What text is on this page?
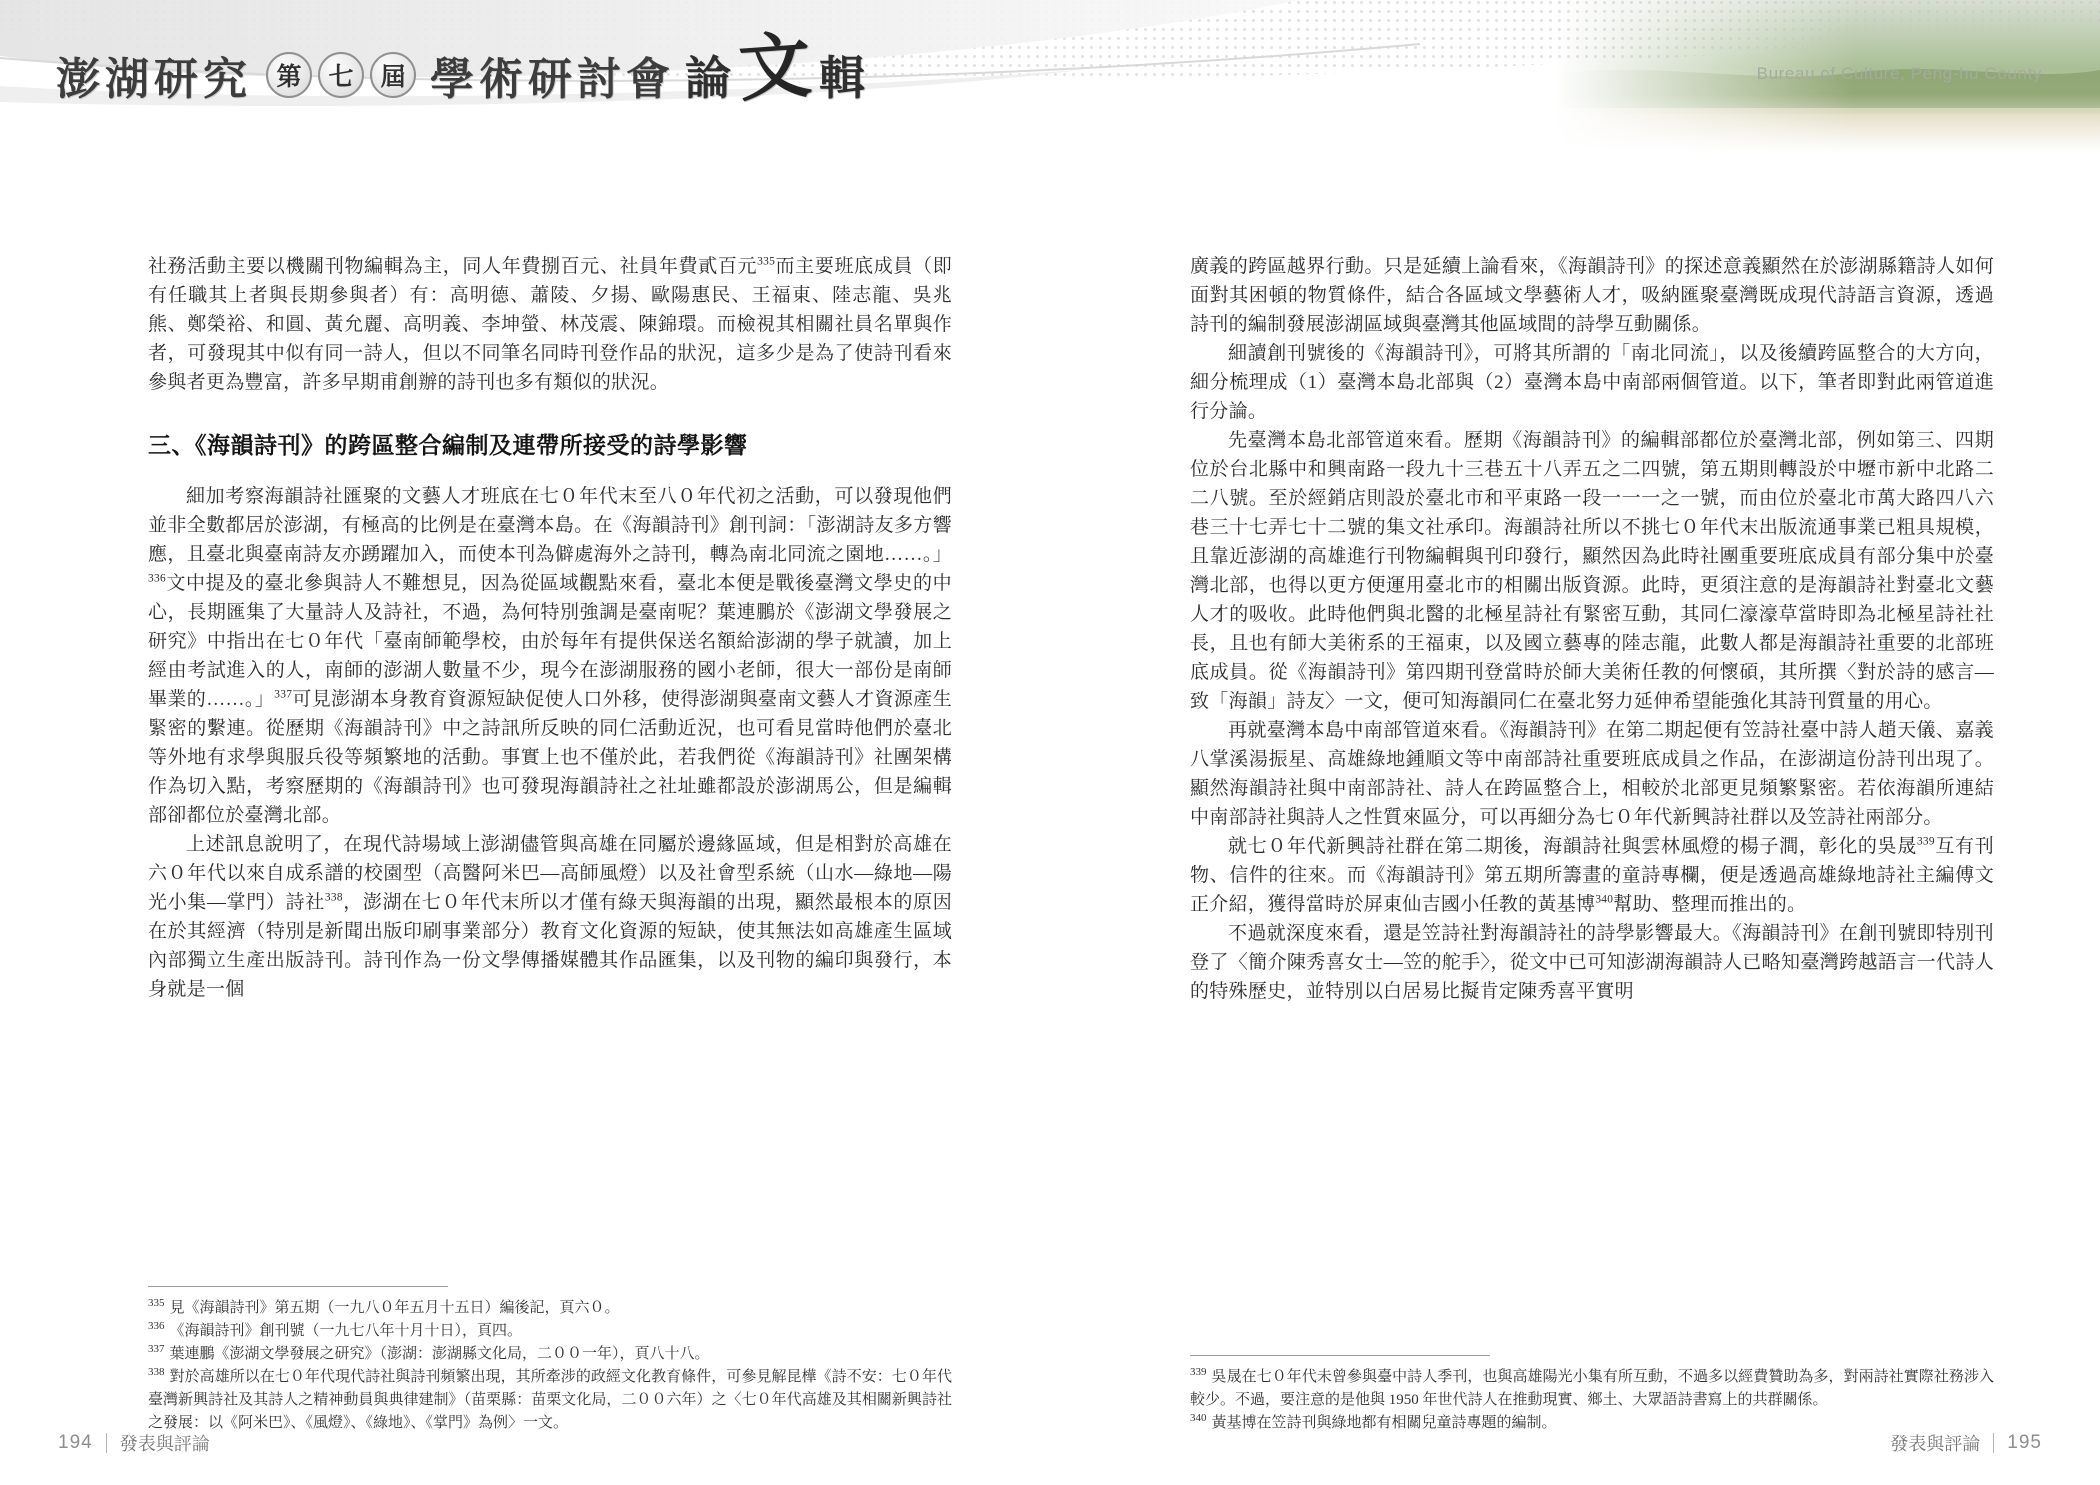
澎湖研究 第	七	屆 學術研討會 論 文 輯	Bureau of Culture, Peng-hu County

社務活動主要以機關刊物編輯為主，同人年費捌百元、社員年費貳百元$^{335}$而主要班底成員（即有任職其上者與長期參與者）有：高明德、蕭陵、夕揚、歐陽惠民、王福東、陸志龍、吳兆熊、鄭榮裕、和圓、黃允麗、高明義、李坤螢、林茂震、陳錦環。而檢視其相關社員名單與作者，可發現其中似有同一詩人，但以不同筆名同時刊登作品的狀況，這多少是為了使詩刊看來參與者更為豐富，許多早期甫創辦的詩刊也多有類似的狀況。

三、《海韻詩刊》的跨區整合編制及連帶所接受的詩學影響

細加考察海韻詩社匯聚的文藝人才班底在七０年代末至八０年代初之活動，可以發現他們並非全數都居於澎湖，有極高的比例是在臺灣本島。在《海韻詩刊》創刊詞：「澎湖詩友多方響應，且臺北與臺南詩友亦踴躍加入，而使本刊為僻處海外之詩刊，轉為南北同流之園地……。」$^{336}$文中提及的臺北參與詩人不難想見，因為從區域觀點來看，臺北本便是戰後臺灣文學史的中心，長期匯集了大量詩人及詩社，不過，為何特別強調是臺南呢？葉連鵬於《澎湖文學發展之研究》中指出在七０年代「臺南師範學校，由於每年有提供保送名額給澎湖的學子就讀，加上經由考試進入的人，南師的澎湖人數量不少，現今在澎湖服務的國小老師，很大一部份是南師畢業的……。」$^{337}$可見澎湖本身教育資源短缺促使人口外移，使得澎湖與臺南文藝人才資源產生緊密的繫連。從歷期《海韻詩刊》中之詩訊所反映的同仁活動近況，也可看見當時他們於臺北等外地有求學與服兵役等頻繁地的活動。事實上也不僅於此，若我們從《海韻詩刊》社團架構作為切入點，考察歷期的《海韻詩刊》也可發現海韻詩社之社址雖都設於澎湖馬公，但是編輯部卻都位於臺灣北部。

上述訊息說明了，在現代詩場域上澎湖儘管與高雄在同屬於邊緣區域，但是相對於高雄在六０年代以來自成系譜的校園型（高醫阿米巴—高師風燈）以及社會型系統（山水—綠地—陽光小集—掌門）詩社$^{338}$，澎湖在七０年代末所以才僅有綠天與海韻的出現，顯然最根本的原因在於其經濟（特別是新聞出版印刷事業部分）教育文化資源的短缺，使其無法如高雄產生區域內部獨立生產出版詩刊。詩刊作為一份文學傳播媒體其作品匯集，以及刊物的編印與發行，本身就是一個

$^{335}$ 見《海韻詩刊》第五期（一九八０年五月十五日）編後記，頁六０。

$^{336}$ 《海韻詩刊》創刊號（一九七八年十月十日），頁四。

$^{337}$ 葉連鵬《澎湖文學發展之研究》（澎湖：澎湖縣文化局，二００一年），頁八十八。

$^{338}$ 對於高雄所以在七０年代現代詩社與詩刊頻繁出現，其所牽涉的政經文化教育條件，可參見解昆樺《詩不安：七０年代臺灣新興詩社及其詩人之精神動員與典律建制》（苗栗縣：苗栗文化局，二００六年）之〈七０年代高雄及其相關新興詩社之發展：以《阿米巴》、《風燈》、《綠地》、《掌門》為例〉一文。

廣義的跨區越界行動。只是延續上論看來，《海韻詩刊》的探述意義顯然在於澎湖縣籍詩人如何面對其困頓的物質條件，結合各區域文學藝術人才，吸納匯聚臺灣既成現代詩語言資源，透過詩刊的編制發展澎湖區域與臺灣其他區域間的詩學互動關係。

細讀創刊號後的《海韻詩刊》，可將其所謂的「南北同流」，以及後續跨區整合的大方向，細分梳理成（1）臺灣本島北部與（2）臺灣本島中南部兩個管道。以下，筆者即對此兩管道進行分論。

先臺灣本島北部管道來看。歷期《海韻詩刊》的編輯部都位於臺灣北部，例如第三、四期位於台北縣中和興南路一段九十三巷五十八弄五之二四號，第五期則轉設於中壢市新中北路二二八號。至於經銷店則設於臺北市和平東路一段一一一之一號，而由位於臺北市萬大路四八六巷三十七弄七十二號的集文社承印。海韻詩社所以不挑七０年代末出版流通事業已粗具規模，且靠近澎湖的高雄進行刊物編輯與刊印發行，顯然因為此時社團重要班底成員有部分集中於臺灣北部，也得以更方便運用臺北市的相關出版資源。此時，更須注意的是海韻詩社對臺北文藝人才的吸收。此時他們與北醫的北極星詩社有緊密互動，其同仁濠濠草當時即為北極星詩社社長，且也有師大美術系的王福東，以及國立藝專的陸志龍，此數人都是海韻詩社重要的北部班底成員。從《海韻詩刊》第四期刊登當時於師大美術任教的何懷碩，其所撰〈對於詩的感言—致「海韻」詩友〉一文，便可知海韻同仁在臺北努力延伸希望能強化其詩刊質量的用心。

再就臺灣本島中南部管道來看。《海韻詩刊》在第二期起便有笠詩社臺中詩人趙天儀、嘉義八掌溪湯振星、高雄綠地鍾順文等中南部詩社重要班底成員之作品，在澎湖這份詩刊出現了。顯然海韻詩社與中南部詩社、詩人在跨區整合上，相較於北部更見頻繁緊密。若依海韻所連結中南部詩社與詩人之性質來區分，可以再細分為七０年代新興詩社群以及笠詩社兩部分。

就七０年代新興詩社群在第二期後，海韻詩社與雲林風燈的楊子澗，彰化的吳晟$^{339}$互有刊物、信件的往來。而《海韻詩刊》第五期所籌畫的童詩專欄，便是透過高雄綠地詩社主編傅文正介紹，獲得當時於屏東仙吉國小任教的黃基博$^{340}$幫助、整理而推出的。

不過就深度來看，還是笠詩社對海韻詩社的詩學影響最大。《海韻詩刊》在創刊號即特別刊登了〈簡介陳秀喜女士—笠的舵手〉，從文中已可知澎湖海韻詩人已略知臺灣跨越語言一代詩人的特殊歷史，並特別以白居易比擬肯定陳秀喜平實明

$^{339}$ 吳晟在七０年代未曾參與臺中詩人季刊，也與高雄陽光小集有所互動，不過多以經費贊助為多，對兩詩社實際社務涉入較少。不過，要注意的是他與 1950 年世代詩人在推動現實、鄉土、大眾語詩書寫上的共群關係。

$^{340}$ 黃基博在笠詩刊與綠地都有相關兒童詩專題的編制。

194 發表與評論	發表與評論 195
